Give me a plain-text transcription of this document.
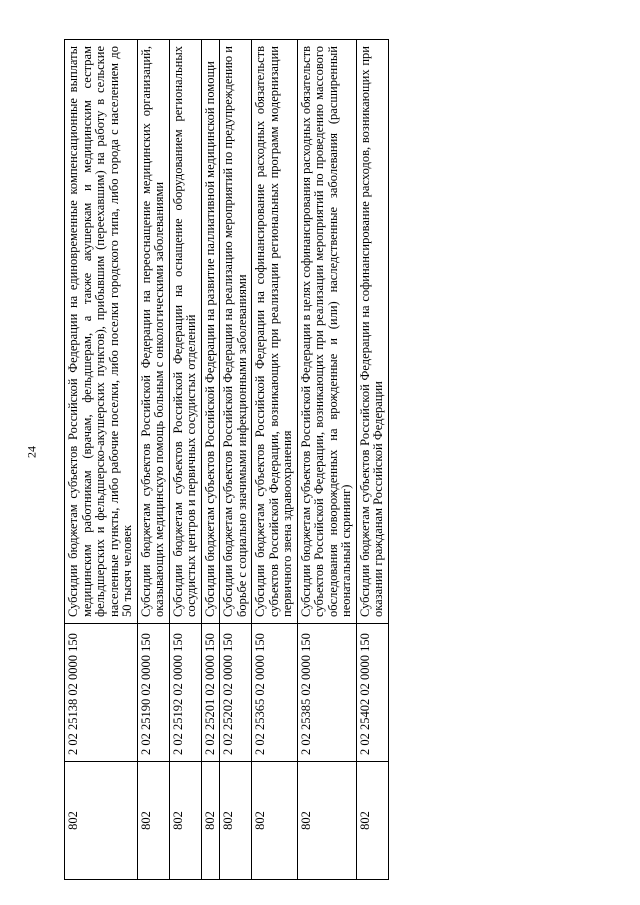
24
802	2 02 25138 02 0000 150	Субсидии бюджетам субъектов Российской Федерации на единовременные компенсационные выплаты медицинским работникам (врачам, фельдшерам, а также акушеркам и медицинским сестрам фельдшерских и фельдшерско-акушерских пунктов), прибывшим (переехавшим) на работу в сельские населенные пункты, либо рабочие поселки, либо поселки городского типа, либо города с населением до 50 тысяч человек
802	2 02 25190 02 0000 150	Субсидии бюджетам субъектов Российской Федерации на переоснащение медицинских организаций, оказывающих медицинскую помощь больным с онкологическими заболеваниями
802	2 02 25192 02 0000 150	Субсидии бюджетам субъектов Российской Федерации на оснащение оборудованием региональных сосудистых центров и первичных сосудистых отделений
802	2 02 25201 02 0000 150	Субсидии бюджетам субъектов Российской Федерации на развитие паллиативной медицинской помощи
802	2 02 25202 02 0000 150	Субсидии бюджетам субъектов Российской Федерации на реализацию мероприятий по предупреждению и борьбе с социально значимыми инфекционными заболеваниями
802	2 02 25365 02 0000 150	Субсидии бюджетам субъектов Российской Федерации на софинансирование расходных обязательств субъектов Российской Федерации, возникающих при реализации региональных программ модернизации первичного звена здравоохранения
802	2 02 25385 02 0000 150	Субсидии бюджетам субъектов Российской Федерации в целях софинансирования расходных обязательств субъектов Российской Федерации, возникающих при реализации мероприятий по проведению массового обследования новорожденных на врожденные и (или) наследственные заболевания (расширенный неонатальный скрининг)
802	2 02 25402 02 0000 150	Субсидии бюджетам субъектов Российской Федерации на софинансирование расходов, возникающих при оказании гражданам Российской Федерации
